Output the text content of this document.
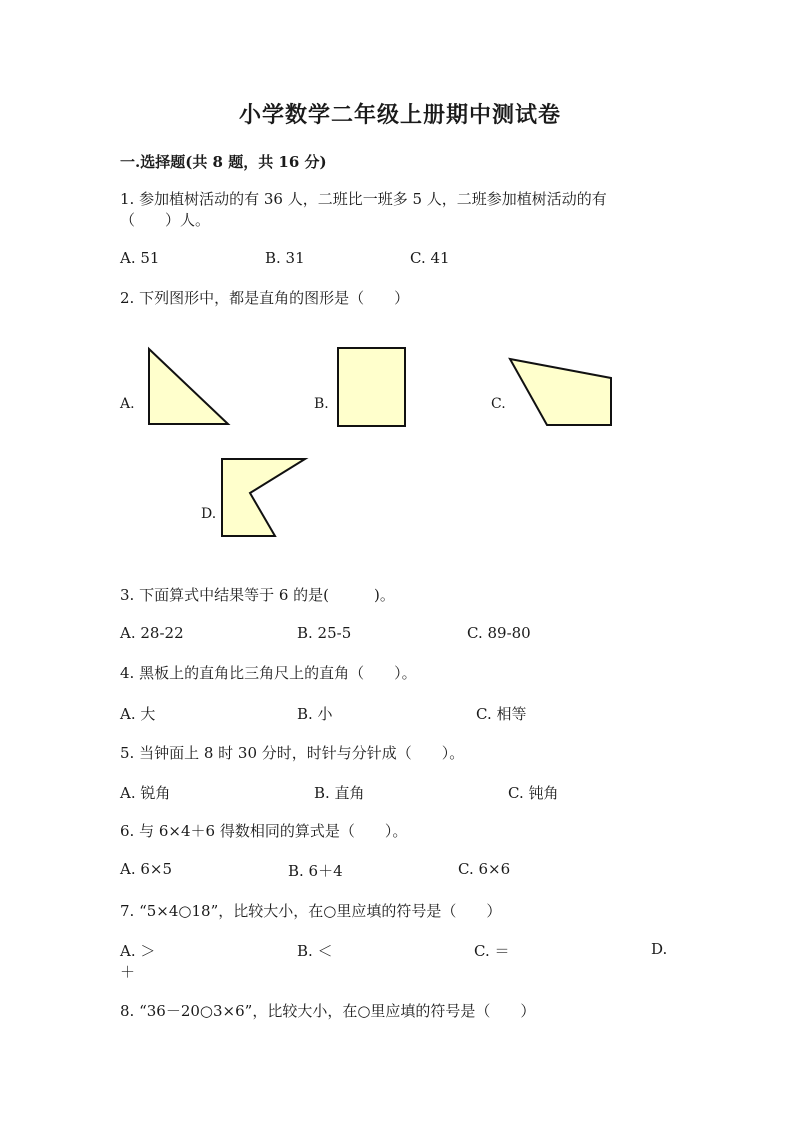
小学数学二年级上册期中测试卷
一.选择题(共 8 题，共 16 分)
1. 参加植树活动的有 36 人，二班比一班多 5 人，二班参加植树活动的有
（　　）人。
A. 51	B. 31	C. 41
2. 下列图形中，都是直角的图形是（　　）
A.	B.	C.
D.
3. 下面算式中结果等于 6 的是(　　　)。
A. 28-22	B. 25-5	C. 89-80
4. 黑板上的直角比三角尺上的直角（　　）。
A. 大	B. 小	C. 相等
5. 当钟面上 8 时 30 分时，时针与分针成（　　）。
A. 锐角	B. 直角	C. 钝角
6. 与 6×4＋6 得数相同的算式是（　　）。
A. 6×5	B. 6＋4	C. 6×6
7. “5×4○18”，比较大小，在○里应填的符号是（　　）
A. ＞	B. ＜	C. ＝	D.
＋
8. “36－20○3×6”，比较大小，在○里应填的符号是（　　）
